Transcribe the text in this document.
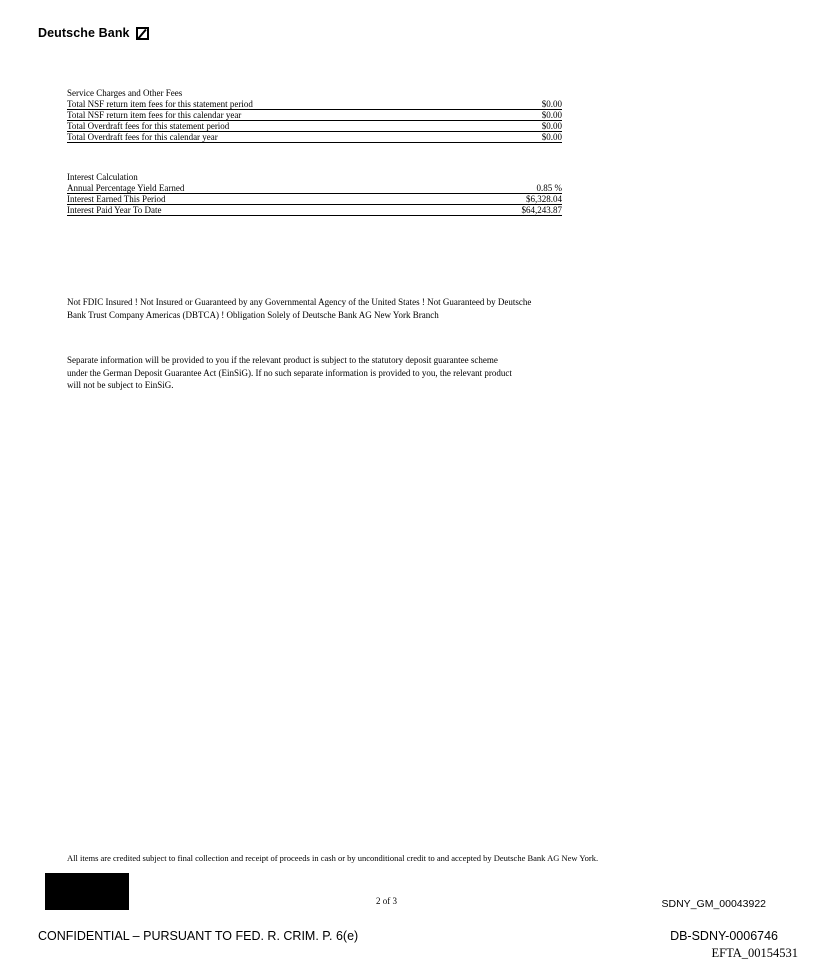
Deutsche Bank
Service Charges and Other Fees
Total NSF return item fees for this statement period	$0.00
Total NSF return item fees for this calendar year	$0.00
Total Overdraft fees for this statement period	$0.00
Total Overdraft fees for this calendar year	$0.00
Interest Calculation
Annual Percentage Yield Earned	0.85 %
Interest Earned This Period	$6,328.04
Interest Paid Year To Date	$64,243.87
Not FDIC Insured ! Not Insured or Guaranteed by any Governmental Agency of the United States ! Not Guaranteed by Deutsche Bank Trust Company Americas (DBTCA) ! Obligation Solely of Deutsche Bank AG New York Branch
Separate information will be provided to you if the relevant product is subject to the statutory deposit guarantee scheme under the German Deposit Guarantee Act (EinSiG). If no such separate information is provided to you, the relevant product will not be subject to EinSiG.
All items are credited subject to final collection and receipt of proceeds in cash or by unconditional credit to and accepted by Deutsche Bank AG New York.
2 of 3	SDNY_GM_00043922
CONFIDENTIAL – PURSUANT TO FED. R. CRIM. P. 6(e)	DB-SDNY-0006746
EFTA_00154531
